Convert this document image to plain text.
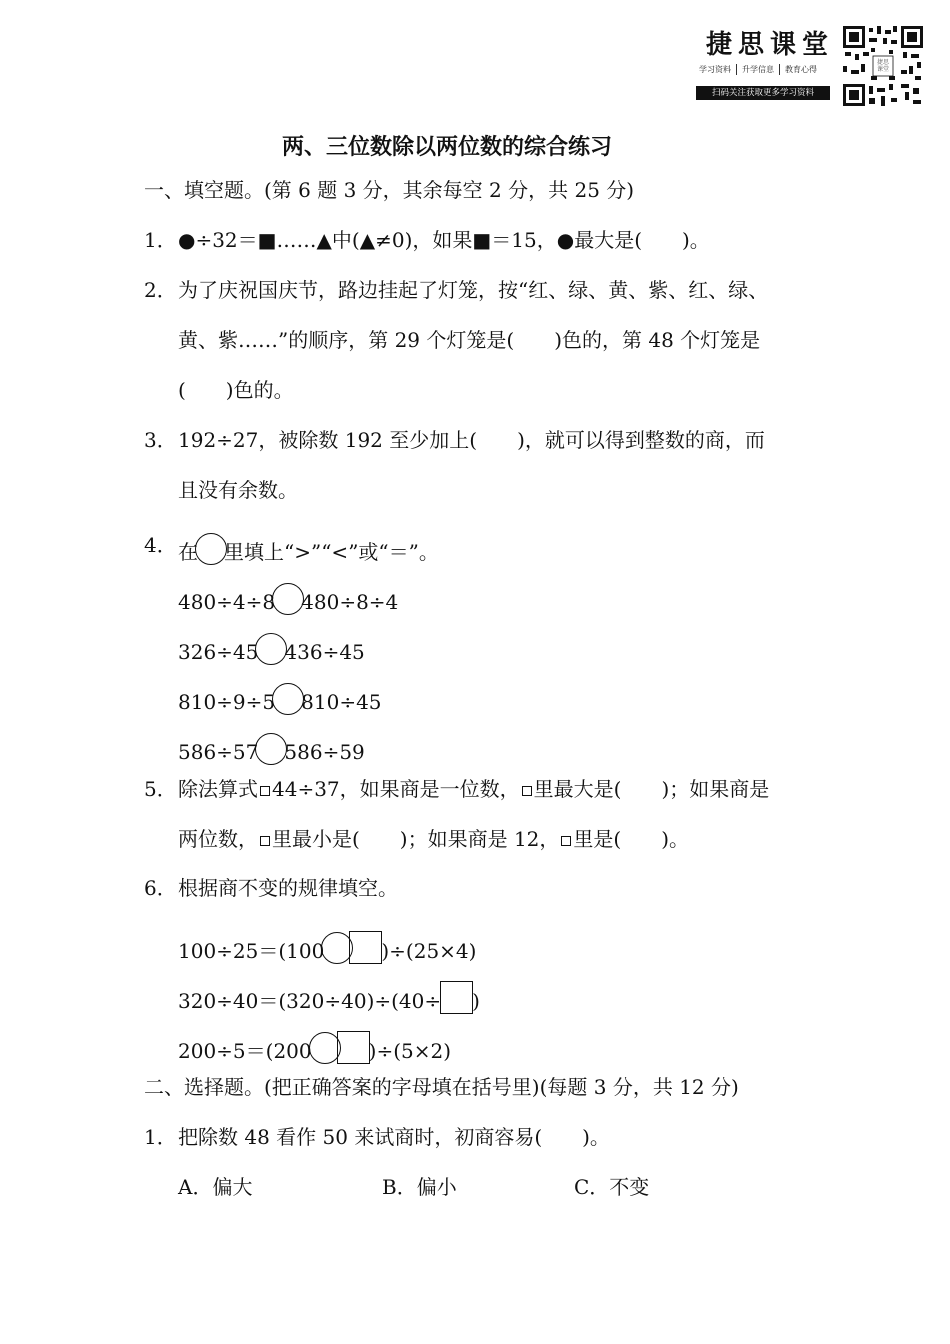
捷思课堂
学习资料	升学信息	教育心得
扫码关注获取更多学习资料
捷思课堂
两、三位数除以两位数的综合练习
一、填空题。(第 6 题 3 分，其余每空 2 分，共 25 分)
1． ●÷32＝■……▲中(▲≠0)，如果■＝15，●最大是(　　)。
2． 为了庆祝国庆节，路边挂起了灯笼，按“红、绿、黄、紫、红、绿、
黄、紫……”的顺序，第 29 个灯笼是(　　)色的，第 48 个灯笼是
(　　)色的。
3． 192÷27，被除数 192 至少加上(　　)，就可以得到整数的商，而
且没有余数。
4． 在 里填上“>”“<”或“＝”。
480÷4÷8 480÷8÷4
326÷45 436÷45
810÷9÷5 810÷45
586÷57 586÷59
5． 除法算式 44÷37，如果商是一位数， 里最大是(　　)；如果商是
两位数， 里最小是(　　)；如果商是 12， 里是(　　)。
6． 根据商不变的规律填空。
100÷25＝(100	)÷(25×4)
320÷40＝(320÷40)÷(40÷ )
200÷5＝(200	)÷(5×2)
二、选择题。(把正确答案的字母填在括号里)(每题 3 分，共 12 分)
1． 把除数 48 看作 50 来试商时，初商容易(　　)。
A．偏大	B．偏小	C．不变
